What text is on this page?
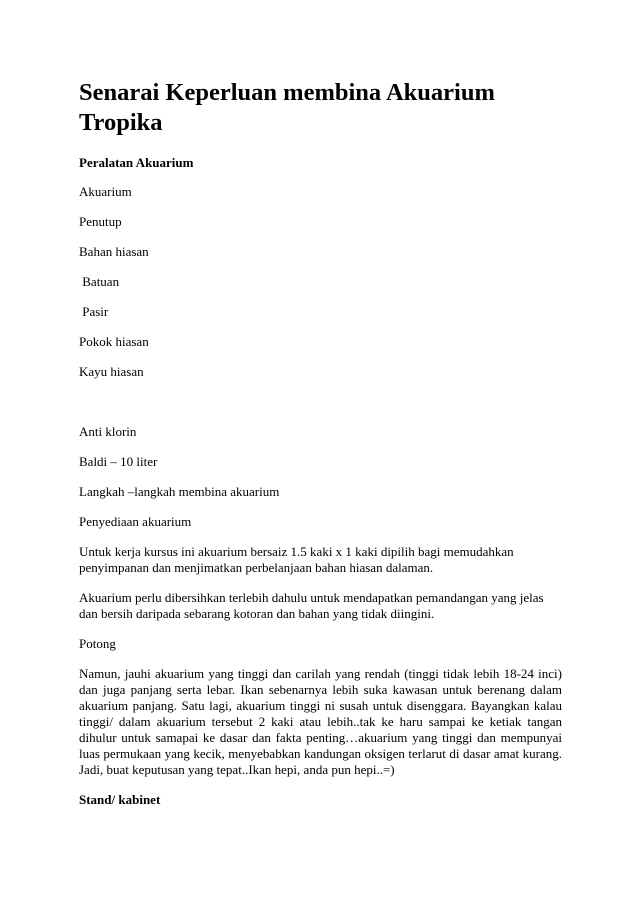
Senarai Keperluan membina Akuarium Tropika
Peralatan Akuarium

Akuarium

Penutup

Bahan hiasan

Batuan

Pasir

Pokok hiasan

Kayu hiasan

Anti klorin

Baldi – 10 liter

Langkah –langkah membina akuarium

Penyediaan akuarium

Untuk kerja kursus ini akuarium bersaiz 1.5 kaki x 1 kaki dipilih bagi memudahkan penyimpanan dan menjimatkan perbelanjaan bahan hiasan dalaman.

Akuarium perlu dibersihkan terlebih dahulu untuk mendapatkan pemandangan yang jelas dan bersih daripada sebarang kotoran dan bahan yang tidak diingini.

Potong

Namun, jauhi akuarium yang tinggi dan carilah yang rendah (tinggi tidak lebih 18-24 inci) dan juga panjang serta lebar. Ikan sebenarnya lebih suka kawasan untuk berenang dalam akuarium panjang. Satu lagi, akuarium tinggi ni susah untuk disenggara. Bayangkan kalau tinggi/ dalam akuarium tersebut 2 kaki atau lebih..tak ke haru sampai ke ketiak tangan dihulur untuk samapai ke dasar dan fakta penting…akuarium yang tinggi dan mempunyai luas permukaan yang kecik, menyebabkan kandungan oksigen terlarut di dasar amat kurang. Jadi, buat keputusan yang tepat..Ikan hepi, anda pun hepi..=)

Stand/ kabinet
